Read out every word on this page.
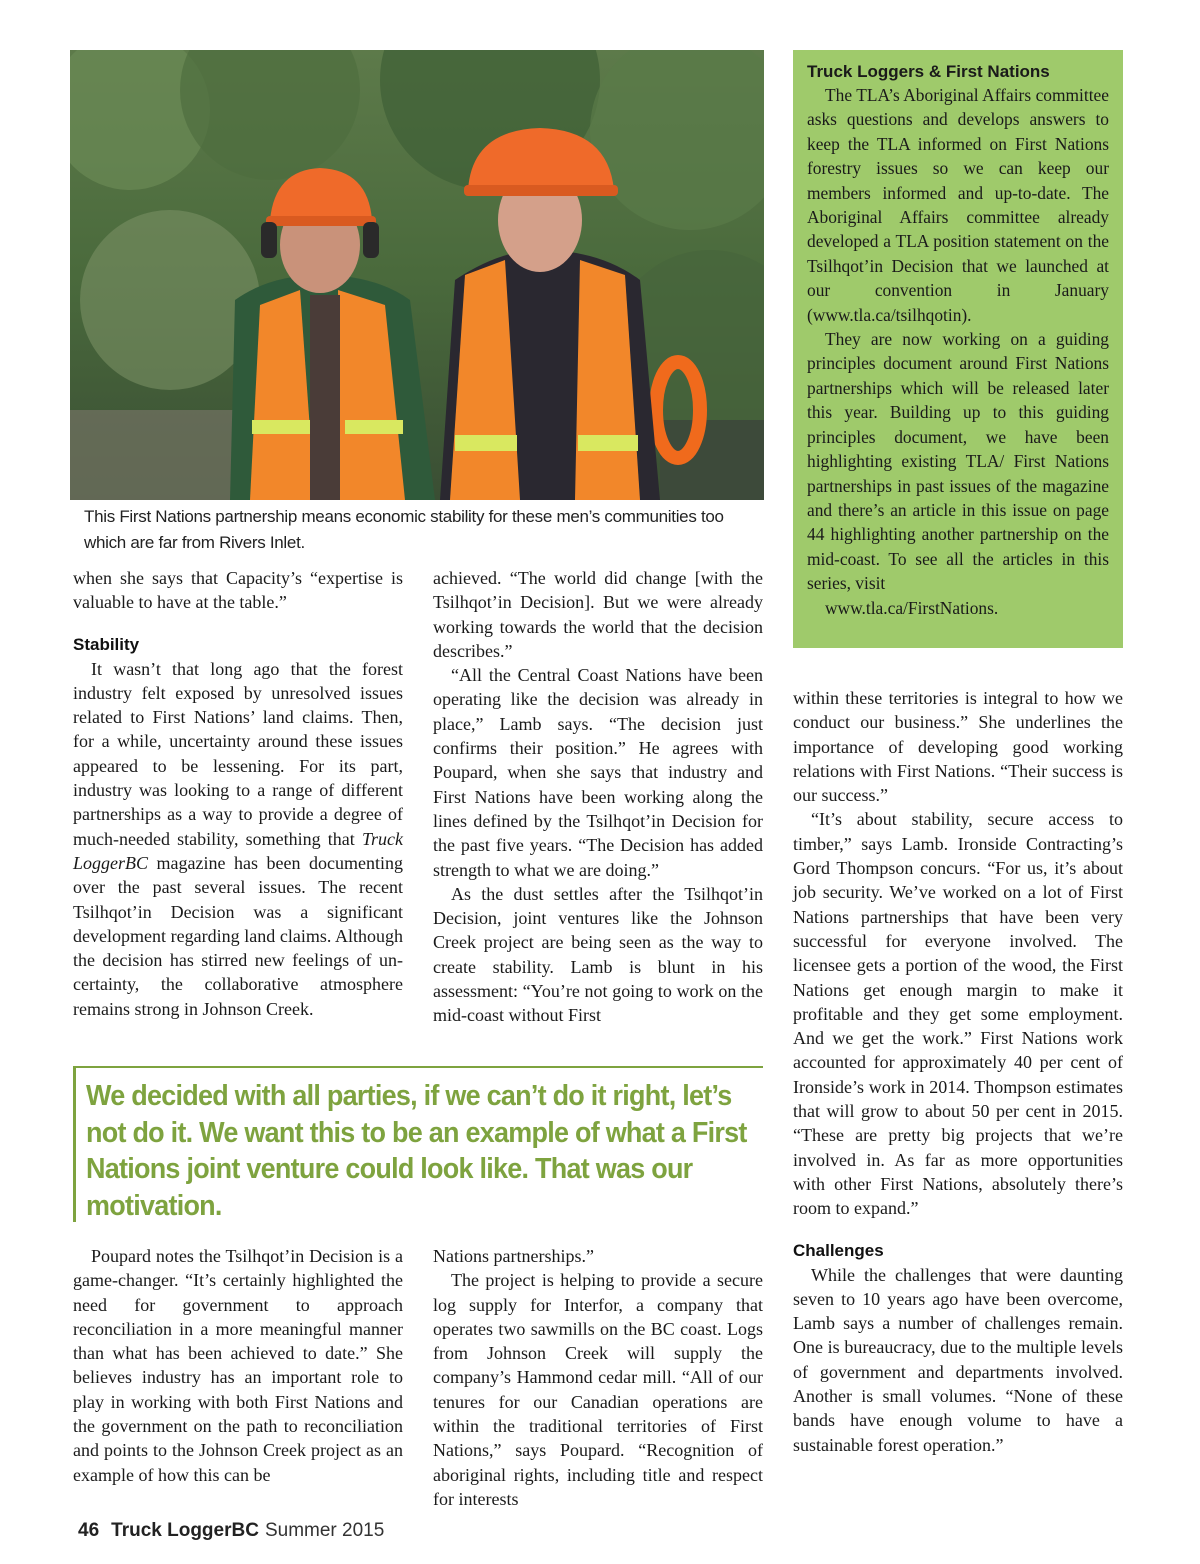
This First Nations partnership means economic stability for these men’s communities too which are far from Rivers Inlet.
Truck Loggers & First Nations

The TLA’s Aboriginal Affairs committee asks questions and develops answers to keep the TLA informed on First Nations forestry issues so we can keep our members informed and up-to-date. The Aboriginal Affairs committee already developed a TLA position statement on the Tsilhqot’in Decision that we launched at our convention in January (www.tla.ca/tsilhqotin).

They are now working on a guiding principles document around First Nations partnerships which will be released later this year. Building up to this guiding principles document, we have been highlighting existing TLA/ First Nations partnerships in past issues of the magazine and there’s an article in this issue on page 44 highlighting another partnership on the mid-coast. To see all the articles in this series, visit

www.tla.ca/FirstNations.

when she says that Capacity’s “expertise is valuable to have at the table.”

Stability

It wasn’t that long ago that the forest industry felt exposed by unresolved issues related to First Nations’ land claims. Then, for a while, uncertainty around these issues appeared to be lessening. For its part, industry was looking to a range of different partnerships as a way to provide a degree of much-needed stability, something that Truck LoggerBC magazine has been documenting over the past several issues. The recent Tsilhqot’in Decision was a significant development regarding land claims. Although the decision has stirred new feelings of uncertainty, the collaborative atmosphere remains strong in Johnson Creek.

achieved. “The world did change [with the Tsilhqot’in Decision]. But we were already working towards the world that the decision describes.”

“All the Central Coast Nations have been operating like the decision was already in place,” Lamb says. “The decision just confirms their position.” He agrees with Poupard, when she says that industry and First Nations have been working along the lines defined by the Tsilhqot’in Decision for the past five years. “The Decision has added strength to what we are doing.”

As the dust settles after the Tsilhqot’in Decision, joint ventures like the Johnson Creek project are being seen as the way to create stability. Lamb is blunt in his assessment: “You’re not going to work on the mid-coast without First

We decided with all parties, if we can’t do it right, let’s not do it. We want this to be an example of what a First Nations joint venture could look like. That was our motivation.

Poupard notes the Tsilhqot’in Decision is a game-changer. “It’s certainly highlighted the need for government to approach reconciliation in a more meaningful manner than what has been achieved to date.” She believes industry has an important role to play in working with both First Nations and the government on the path to reconciliation and points to the Johnson Creek project as an example of how this can be

Nations partnerships.”

The project is helping to provide a secure log supply for Interfor, a company that operates two sawmills on the BC coast. Logs from Johnson Creek will supply the company’s Hammond cedar mill. “All of our tenures for our Canadian operations are within the traditional territories of First Nations,” says Poupard. “Recognition of aboriginal rights, including title and respect for interests

within these territories is integral to how we conduct our business.” She underlines the importance of developing good working relations with First Nations. “Their success is our success.”

“It’s about stability, secure access to timber,” says Lamb. Ironside Contracting’s Gord Thompson concurs. “For us, it’s about job security. We’ve worked on a lot of First Nations partnerships that have been very successful for everyone involved. The licensee gets a portion of the wood, the First Nations get enough margin to make it profitable and they get some employment. And we get the work.” First Nations work accounted for approximately 40 per cent of Ironside’s work in 2014. Thompson estimates that will grow to about 50 per cent in 2015. “These are pretty big projects that we’re involved in. As far as more opportunities with other First Nations, absolutely there’s room to expand.”

Challenges

While the challenges that were daunting seven to 10 years ago have been overcome, Lamb says a number of challenges remain. One is bureaucracy, due to the multiple levels of government and departments involved. Another is small volumes. “None of these bands have enough volume to have a sustainable forest operation.”

46 Truck LoggerBC Summer 2015
